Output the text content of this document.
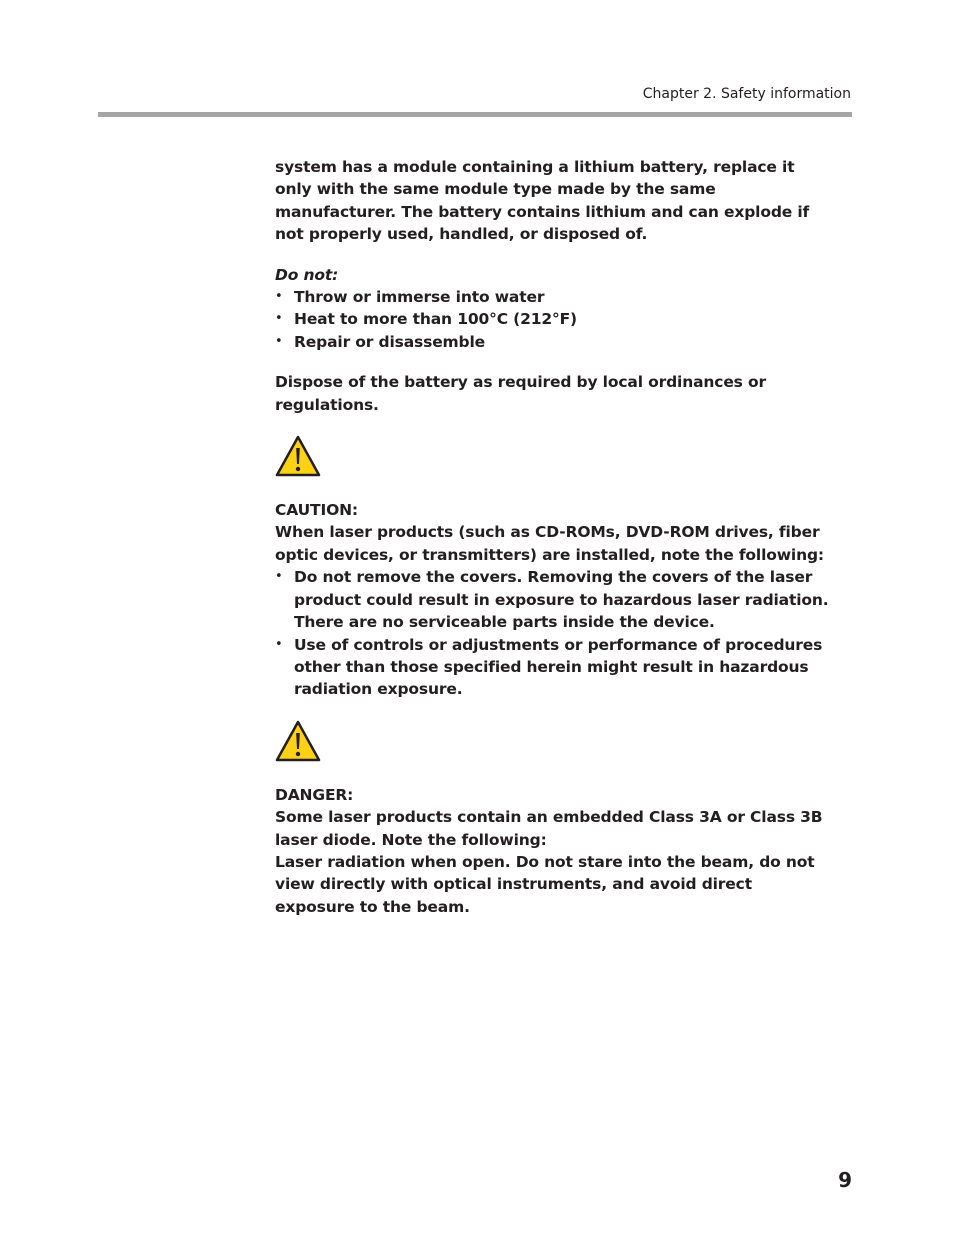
Chapter 2. Safety information

system has a module containing a lithium battery, replace it only with the same module type made by the same manufacturer. The battery contains lithium and can explode if not properly used, handled, or disposed of.

Do not:

• Throw or immerse into water
• Heat to more than 100°C (212°F)
• Repair or disassemble

Dispose of the battery as required by local ordinances or regulations.

CAUTION:

When laser products (such as CD-ROMs, DVD-ROM drives, fiber optic devices, or transmitters) are installed, note the following:

• Do not remove the covers. Removing the covers of the laser product could result in exposure to hazardous laser radiation. There are no serviceable parts inside the device.
• Use of controls or adjustments or performance of procedures other than those specified herein might result in hazardous radiation exposure.

DANGER:

Some laser products contain an embedded Class 3A or Class 3B laser diode. Note the following:

Laser radiation when open. Do not stare into the beam, do not view directly with optical instruments, and avoid direct exposure to the beam.

9
